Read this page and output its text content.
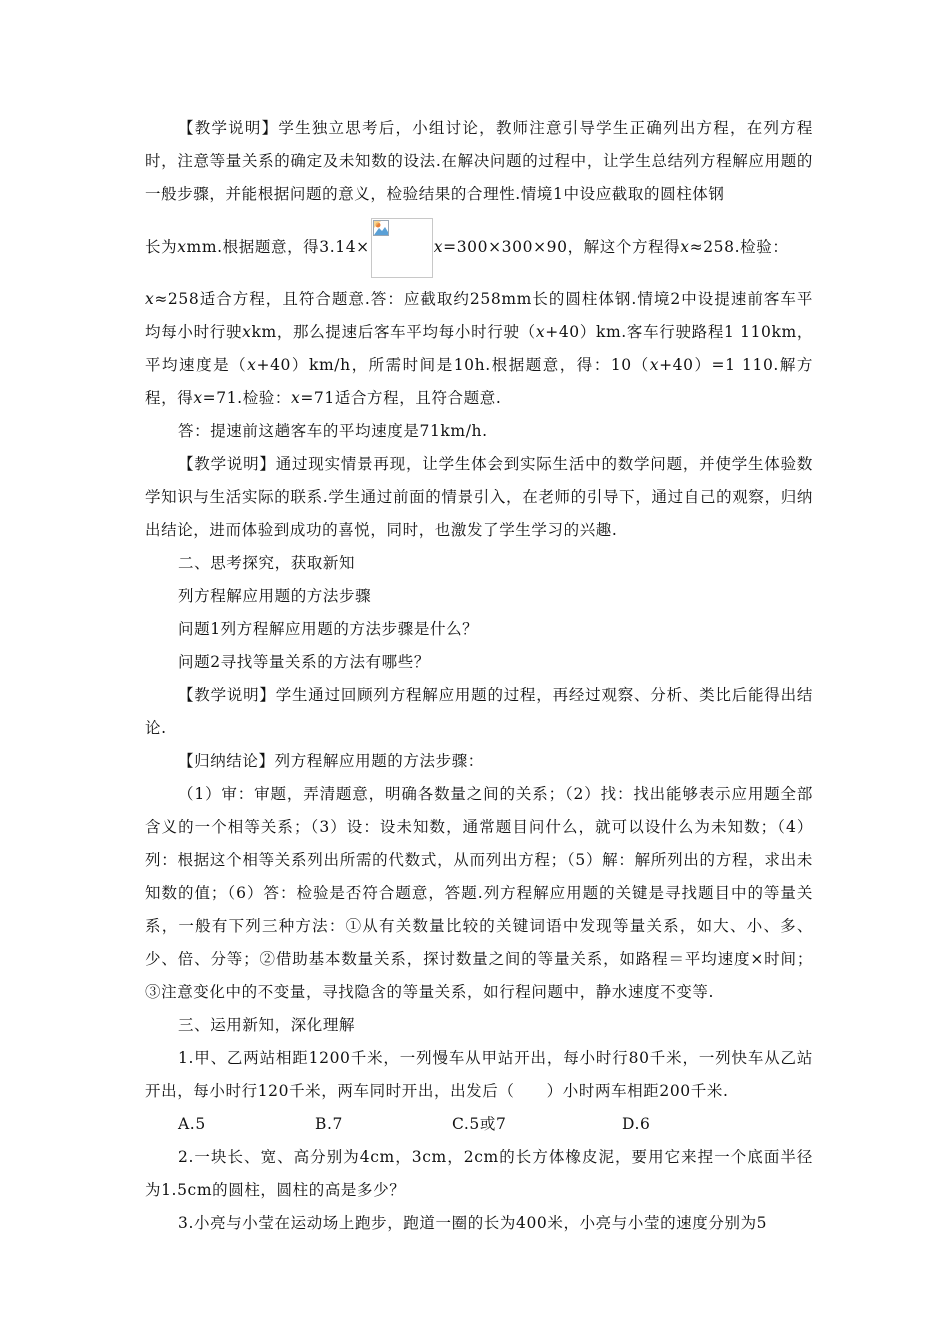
【教学说明】学生独立思考后，小组讨论，教师注意引导学生正确列出方程，在列方程时，注意等量关系的确定及未知数的设法.在解决问题的过程中，让学生总结列方程解应用题的一般步骤，并能根据问题的意义，检验结果的合理性.情境1中设应截取的圆柱体钢

长为xmm.根据题意，得3.14×	x=300×300×90，解这个方程得x≈258.检验：

x≈258适合方程，且符合题意.答：应截取约258mm长的圆柱体钢.情境2中设提速前客车平均每小时行驶xkm，那么提速后客车平均每小时行驶（x+40）km.客车行驶路程1 110km，平均速度是（x+40）km/h，所需时间是10h.根据题意，得：10（x+40）=1 110.解方程，得x=71.检验：x=71适合方程，且符合题意.

答：提速前这趟客车的平均速度是71km/h.

【教学说明】通过现实情景再现，让学生体会到实际生活中的数学问题，并使学生体验数学知识与生活实际的联系.学生通过前面的情景引入，在老师的引导下，通过自己的观察，归纳出结论，进而体验到成功的喜悦，同时，也激发了学生学习的兴趣.

二、思考探究，获取新知

列方程解应用题的方法步骤

问题1列方程解应用题的方法步骤是什么？

问题2寻找等量关系的方法有哪些？

【教学说明】学生通过回顾列方程解应用题的过程，再经过观察、分析、类比后能得出结论.

【归纳结论】列方程解应用题的方法步骤：

（1）审：审题，弄清题意，明确各数量之间的关系；（2）找：找出能够表示应用题全部含义的一个相等关系；（3）设：设未知数，通常题目问什么，就可以设什么为未知数；（4）列：根据这个相等关系列出所需的代数式，从而列出方程；（5）解：解所列出的方程，求出未知数的值；（6）答：检验是否符合题意，答题.列方程解应用题的关键是寻找题目中的等量关系，一般有下列三种方法：①从有关数量比较的关键词语中发现等量关系，如大、小、多、少、倍、分等；②借助基本数量关系，探讨数量之间的等量关系，如路程＝平均速度×时间；③注意变化中的不变量，寻找隐含的等量关系，如行程问题中，静水速度不变等.

三、运用新知，深化理解

1.甲、乙两站相距1200千米，一列慢车从甲站开出，每小时行80千米，一列快车从乙站开出，每小时行120千米，两车同时开出，出发后（　　）小时两车相距200千米.

A.5	B.7	C.5或7	D.6

2.一块长、宽、高分别为4cm，3cm，2cm的长方体橡皮泥，要用它来捏一个底面半径为1.5cm的圆柱，圆柱的高是多少？

3.小亮与小莹在运动场上跑步，跑道一圈的长为400米，小亮与小莹的速度分别为5
